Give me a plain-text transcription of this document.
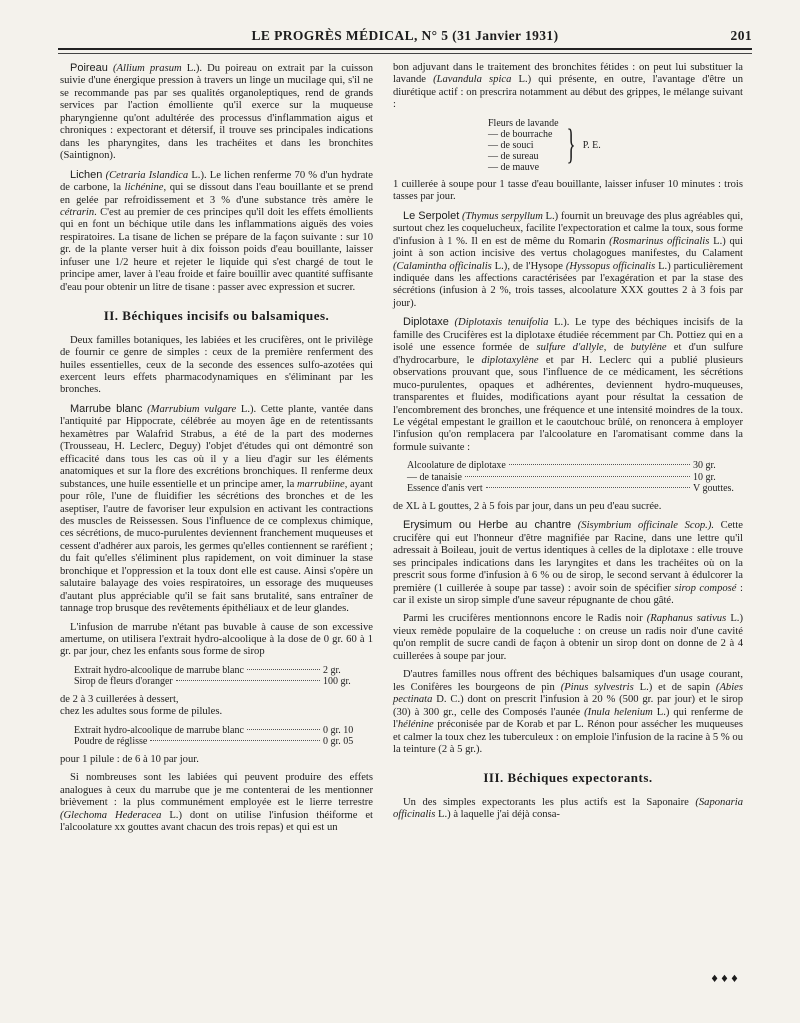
LE PROGRÈS MÉDICAL, N° 5 (31 Janvier 1931)	201

Poireau (Allium prasum L.). Du poireau on extrait par la cuisson suivie d'une énergique pression à travers un linge un mucilage qui, s'il ne se recommande pas par ses qualités organoleptiques, rend de grands services par l'action émolliente qu'il exerce sur la muqueuse pharyngienne qu'ont adultérée des processus d'inflammation aigus et chroniques : expectorant et détersif, il trouve ses principales indications dans les pharyngites, dans les trachéites et dans les bronchites (Saintignon).

Lichen (Cetraria Islandica L.). Le lichen renferme 70 % d'un hydrate de carbone, la lichénine, qui se dissout dans l'eau bouillante et se prend en gelée par refroidissement et 3 % d'une substance très amère le cétrarin. C'est au premier de ces principes qu'il doit les effets émollients qui en font un béchique utile dans les inflammations aiguës des voies respiratoires. La tisane de lichen se prépare de la façon suivante : sur 10 gr. de la plante verser huit à dix foisson poids d'eau bouillante, laisser infuser une 1/2 heure et rejeter le liquide qui s'est chargé de tout le principe amer, laver à l'eau froide et faire bouillir avec quantité suffisante d'eau pour obtenir un litre de tisane : passer avec expression et sucrer.

II. Béchiques incisifs ou balsamiques.

Deux familles botaniques, les labiées et les crucifères, ont le privilège de fournir ce genre de simples : ceux de la première renferment des huiles essentielles, ceux de la seconde des essences sulfo-azotées qui exercent leurs effets pharmacodynamiques en s'éliminant par les bronches.

Marrube blanc (Marrubium vulgare L.). Cette plante, vantée dans l'antiquité par Hippocrate, célébrée au moyen âge en de retentissants hexamètres par Walafrid Strabus, a été de la part des modernes (Trousseau, H. Leclerc, Deguy) l'objet d'études qui ont démontré son efficacité dans tous les cas où il y a lieu d'agir sur les éléments anatomiques et sur la flore des excrétions bronchiques. Il renferme deux substances, une huile essentielle et un principe amer, la marrubiine, ayant pour rôle, l'une de fluidifier les sécrétions des bronches et de les aseptiser, l'autre de favoriser leur expulsion en activant les contractions des muscles de Reissessen. Sous l'influence de ce complexus chimique, ces sécrétions, de muco-purulentes deviennent franchement muqueuses et cessent d'adhérer aux parois, les germes qu'elles contiennent se raréfient ; du fait qu'elles s'éliminent plus rapidement, on voit diminuer la stase bronchique et l'oppression et la toux dont elle est cause. Ainsi s'opère un salutaire balayage des voies respiratoires, un essorage des muqueuses d'autant plus appréciable qu'il se fait sans brutalité, sans entraîner de tannage trop brusque des revêtements épithéliaux et de leur glandes.

L'infusion de marrube n'étant pas buvable à cause de son excessive amertume, on utilisera l'extrait hydro-alcoolique à la dose de 0 gr. 60 à 1 gr. par jour, chez les enfants sous forme de sirop

Extrait hydro-alcoolique de marrube blanc	2 gr.
Sirop de fleurs d'oranger	100 gr.

de 2 à 3 cuillerées à dessert,
chez les adultes sous forme de pilules.

Extrait hydro-alcoolique de marrube blanc	0 gr. 10
Poudre de réglisse	0 gr. 05

pour 1 pilule : de 6 à 10 par jour.

Si nombreuses sont les labiées qui peuvent produire des effets analogues à ceux du marrube que je me contenterai de les mentionner brièvement : la plus communément employée est le lierre terrestre (Glechoma Hederacea L.) dont on utilise l'infusion théiforme et l'alcoolature xx gouttes avant chacun des trois repas) et qui est un

bon adjuvant dans le traitement des bronchites fétides : on peut lui substituer la lavande (Lavandula spica L.) qui présente, en outre, l'avantage d'être un diurétique actif : on prescrira notamment au début des grippes, le mélange suivant :

Fleurs de lavande
— de bourrache
— de souci
— de sureau
— de mauve } P. E.

1 cuillerée à soupe pour 1 tasse d'eau bouillante, laisser infuser 10 minutes : trois tasses par jour.

Le Serpolet (Thymus serpyllum L.) fournit un breuvage des plus agréables qui, surtout chez les coquelucheux, facilite l'expectoration et calme la toux, sous forme d'infusion à 1 %. Il en est de même du Romarin (Rosmarinus officinalis L.) qui joint à son action incisive des vertus cholagogues manifestes, du Calament (Calamintha officinalis L.), de l'Hysope (Hyssopus officinalis L.) particulièrement indiquée dans les affections caractérisées par l'exagération et par la stase des sécrétions (infusion à 2 %, trois tasses, alcoolature XXX gouttes 2 à 3 fois par jour).

Diplotaxe (Diplotaxis tenuifolia L.). Le type des béchiques incisifs de la famille des Crucifères est la diplotaxe étudiée récemment par Ch. Pottiez qui en a isolé une essence formée de sulfure d'allyle, de butylène et d'un sulfure d'hydrocarbure, le diplotaxylène et par H. Leclerc qui a publié plusieurs observations prouvant que, sous l'influence de ce médicament, les sécrétions muco-purulentes, opaques et adhérentes, deviennent hydro-muqueuses, transparentes et fluides, modifications ayant pour résultat la cessation de l'encombrement des bronches, une fréquence et une intensité moindres de la toux. Le végétal empestant le graillon et le caoutchouc brûlé, on renoncera à employer l'infusion qu'on remplacera par l'alcoolature en l'aromatisant comme dans la formule suivante :

Alcoolature de diplotaxe	30 gr.
— de tanaisie	10 gr.
Essence d'anis vert	V gouttes.

de XL à L gouttes, 2 à 5 fois par jour, dans un peu d'eau sucrée.

Erysimum ou Herbe au chantre (Sisymbrium officinale Scop.). Cette crucifère qui eut l'honneur d'être magnifiée par Racine, dans une lettre qu'il adressait à Boileau, jouit de vertus identiques à celles de la diplotaxe : elle trouve ses principales indications dans les laryngites et dans les trachéites où on la prescrit sous forme d'infusion à 6 % ou de sirop, le second servant à édulcorer la première (1 cuillerée à soupe par tasse) : avoir soin de spécifier sirop composé : car il existe un sirop simple d'une saveur répugnante de chou gâté.

Parmi les crucifères mentionnons encore le Radis noir (Raphanus sativus L.) vieux remède populaire de la coqueluche : on creuse un radis noir d'une cavité qu'on remplit de sucre candi de façon à obtenir un sirop dont on donne de 2 à 4 cuillerées à soupe par jour.

D'autres familles nous offrent des béchiques balsamiques d'un usage courant, les Conifères les bourgeons de pin (Pinus sylvestris L.) et de sapin (Abies pectinata D. C.) dont on prescrit l'infusion à 20 % (500 gr. par jour) et le sirop (30) à 300 gr., celle des Composés l'aunée (Inula helenium L.) qui renferme de l'hélénine préconisée par de Korab et par L. Rénon pour assécher les muqueuses et calmer la toux chez les tuberculeux : on emploie l'infusion de la racine à 5 % ou la teinture (2 à 5 gr.).

III. Béchiques expectorants.

Un des simples expectorants les plus actifs est la Saponaire (Saponaria officinalis L.) à laquelle j'ai déjà consa-

♦♦♦
